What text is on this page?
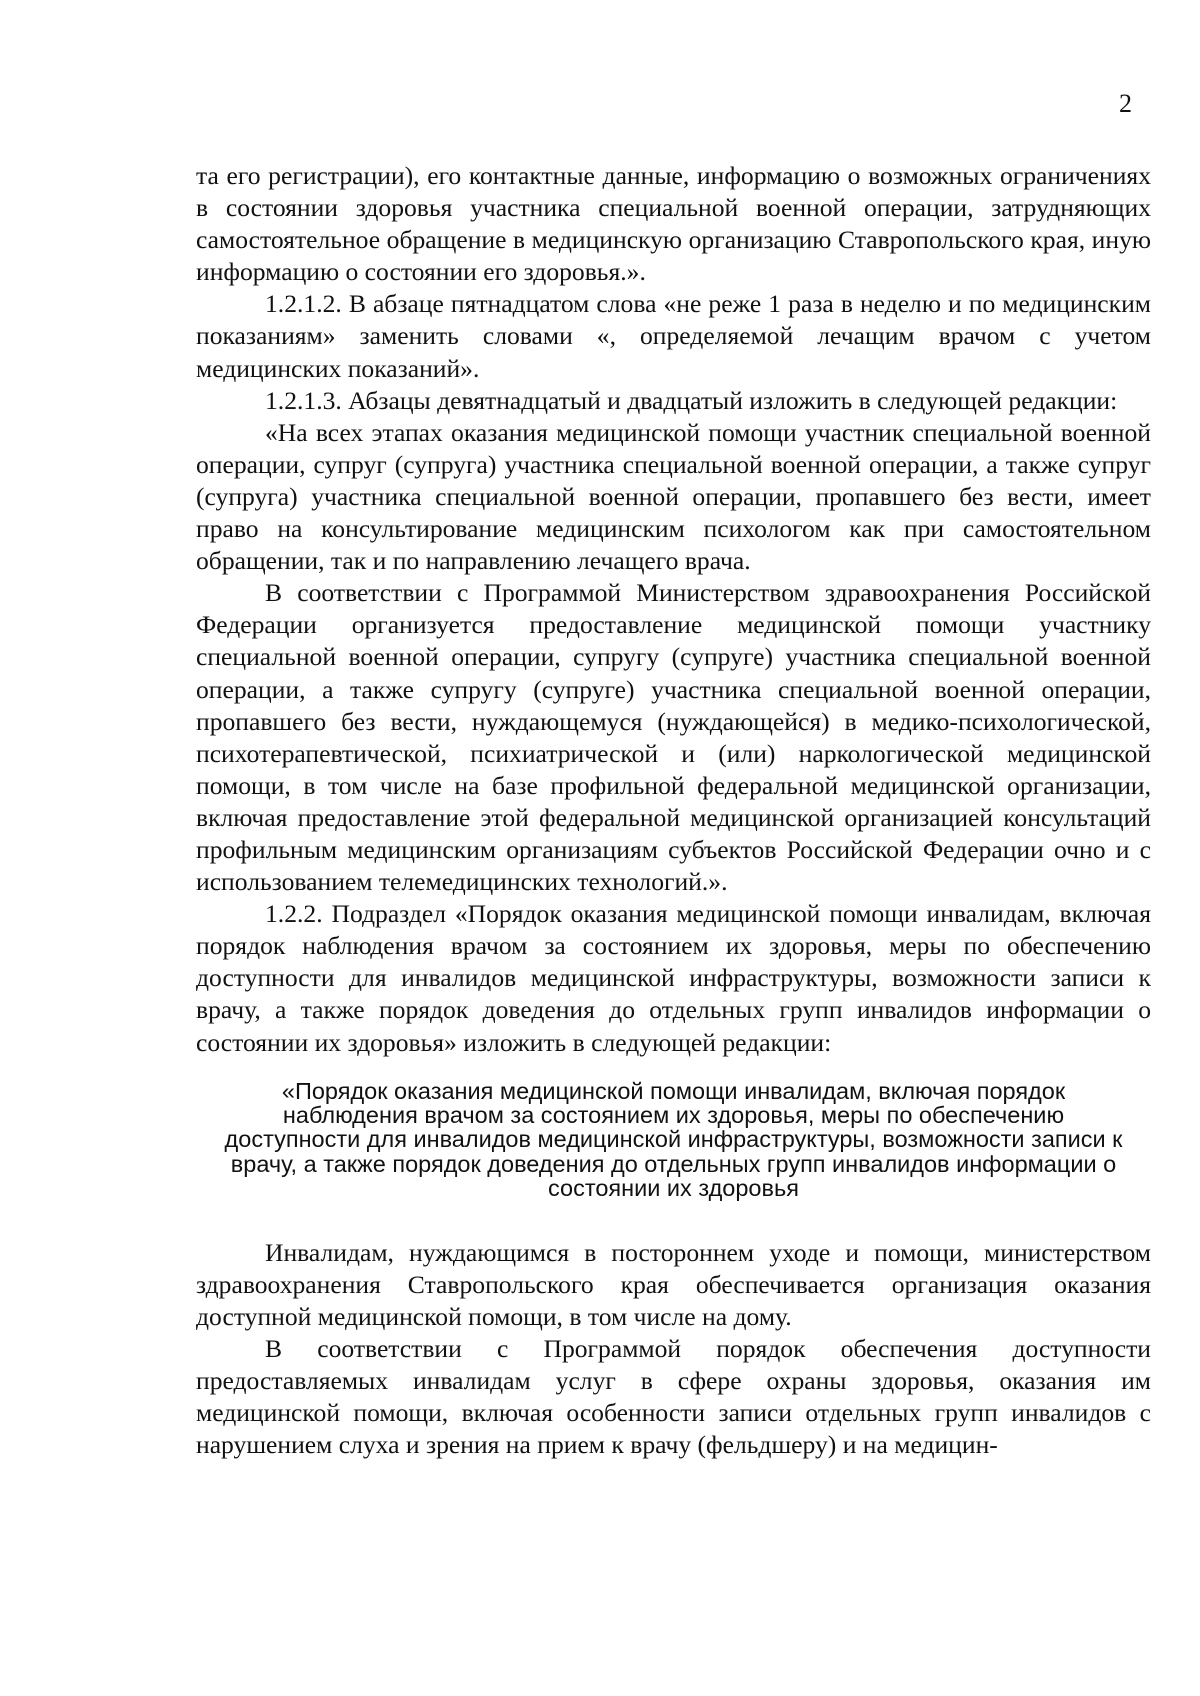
2

та его регистрации), его контактные данные, информацию о возможных ограничениях в состоянии здоровья участника специальной военной операции, затрудняющих самостоятельное обращение в медицинскую организацию Ставропольского края, иную информацию о состоянии его здоровья.».

1.2.1.2. В абзаце пятнадцатом слова «не реже 1 раза в неделю и по медицинским показаниям» заменить словами «, определяемой лечащим врачом с учетом медицинских показаний».

1.2.1.3. Абзацы девятнадцатый и двадцатый изложить в следующей редакции:

«На всех этапах оказания медицинской помощи участник специальной военной операции, супруг (супруга) участника специальной военной операции, а также супруг (супруга) участника специальной военной операции, пропавшего без вести, имеет право на консультирование медицинским психологом как при самостоятельном обращении, так и по направлению лечащего врача.

В соответствии с Программой Министерством здравоохранения Российской Федерации организуется предоставление медицинской помощи участнику специальной военной операции, супругу (супруге) участника специальной военной операции, а также супругу (супруге) участника специальной военной операции, пропавшего без вести, нуждающемуся (нуждающейся) в медико-психологической, психотерапевтической, психиатрической и (или) наркологической медицинской помощи, в том числе на базе профильной федеральной медицинской организации, включая предоставление этой федеральной медицинской организацией консультаций профильным медицинским организациям субъектов Российской Федерации очно и с использованием телемедицинских технологий.».

1.2.2. Подраздел «Порядок оказания медицинской помощи инвалидам, включая порядок наблюдения врачом за состоянием их здоровья, меры по обеспечению доступности для инвалидов медицинской инфраструктуры, возможности записи к врачу, а также порядок доведения до отдельных групп инвалидов информации о состоянии их здоровья» изложить в следующей редакции:

«Порядок оказания медицинской помощи инвалидам, включая порядок наблюдения врачом за состоянием их здоровья, меры по обеспечению доступности для инвалидов медицинской инфраструктуры, возможности записи к врачу, а также порядок доведения до отдельных групп инвалидов информации о состоянии их здоровья

Инвалидам, нуждающимся в постороннем уходе и помощи, министерством здравоохранения Ставропольского края обеспечивается организация оказания доступной медицинской помощи, в том числе на дому.

В соответствии с Программой порядок обеспечения доступности предоставляемых инвалидам услуг в сфере охраны здоровья, оказания им медицинской помощи, включая особенности записи отдельных групп инвалидов с нарушением слуха и зрения на прием к врачу (фельдшеру) и на медицин-
